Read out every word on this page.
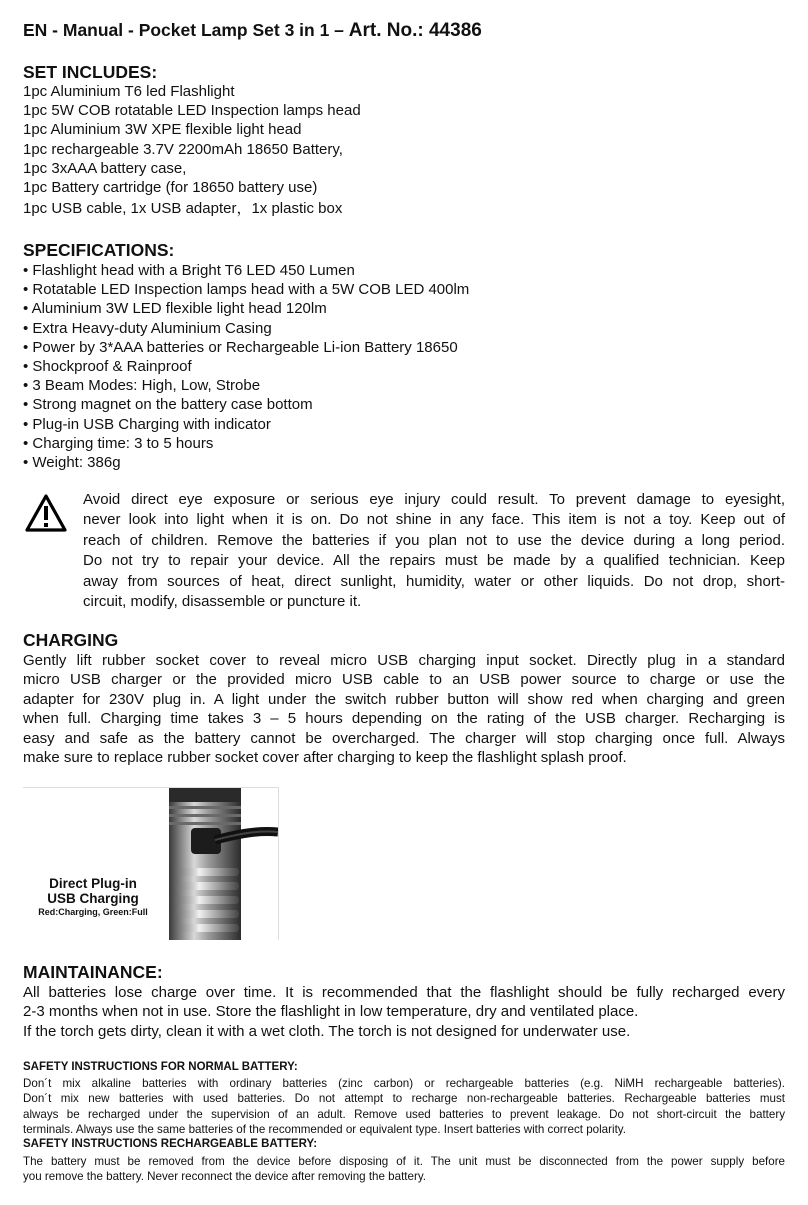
EN - Manual - Pocket Lamp Set 3 in 1 – Art. No.: 44386
SET INCLUDES:
1pc Aluminium T6 led Flashlight
1pc 5W COB rotatable LED Inspection lamps head
1pc Aluminium 3W XPE flexible light head
1pc rechargeable 3.7V 2200mAh 18650 Battery,
1pc 3xAAA battery case,
1pc Battery cartridge (for 18650 battery use)
1pc USB cable, 1x USB adapter，1x plastic box
SPECIFICATIONS:
• Flashlight head with a Bright T6 LED 450 Lumen
• Rotatable LED Inspection lamps head with a 5W COB LED 400lm
• Aluminium 3W LED flexible light head 120lm
• Extra Heavy-duty Aluminium Casing
• Power by 3*AAA batteries or Rechargeable Li-ion Battery 18650
• Shockproof & Rainproof
• 3 Beam Modes: High, Low, Strobe
• Strong magnet on the battery case bottom
• Plug-in USB Charging with indicator
• Charging time: 3 to 5 hours
• Weight: 386g

Avoid direct eye exposure or serious eye injury could result. To prevent damage to eyesight,
never look into light when it is on. Do not shine in any face. This item is not a toy. Keep out of
reach of children. Remove the batteries if you plan not to use the device during a long period.
Do not try to repair your device. All the repairs must be made by a qualified technician. Keep
away from sources of heat, direct sunlight, humidity, water or other liquids. Do not drop, short-
circuit, modify, disassemble or puncture it.

CHARGING

Gently lift rubber socket cover to reveal micro USB charging input socket. Directly plug in a standard
micro USB charger or the provided micro USB cable to an USB power source to charge or use the
adapter for 230V plug in. A light under the switch rubber button will show red when charging and green
when full. Charging time takes 3 – 5 hours depending on the rating of the USB charger. Recharging is
easy and safe as the battery cannot be overcharged. The charger will stop charging once full. Always
make sure to replace rubber socket cover after charging to keep the flashlight splash proof.

Direct Plug-in
USB Charging
Red:Charging, Green:Full
MAINTAINANCE:

All batteries lose charge over time. It is recommended that the flashlight should be fully recharged every
2-3 months when not in use. Store the flashlight in low temperature, dry and ventilated place.
If the torch gets dirty, clean it with a wet cloth. The torch is not designed for underwater use.

SAFETY INSTRUCTIONS FOR NORMAL BATTERY:

Don´t mix alkaline batteries with ordinary batteries (zinc carbon) or rechargeable batteries (e.g. NiMH rechargeable batteries).
Don´t mix new batteries with used batteries. Do not attempt to recharge non-rechargeable batteries. Rechargeable batteries must
always be recharged under the supervision of an adult. Remove used batteries to prevent leakage. Do not short-circuit the battery
terminals. Always use the same batteries of the recommended or equivalent type. Insert batteries with correct polarity.

SAFETY INSTRUCTIONS RECHARGEABLE BATTERY:

The battery must be removed from the device before disposing of it. The unit must be disconnected from the power supply before
you remove the battery. Never reconnect the device after removing the battery.
